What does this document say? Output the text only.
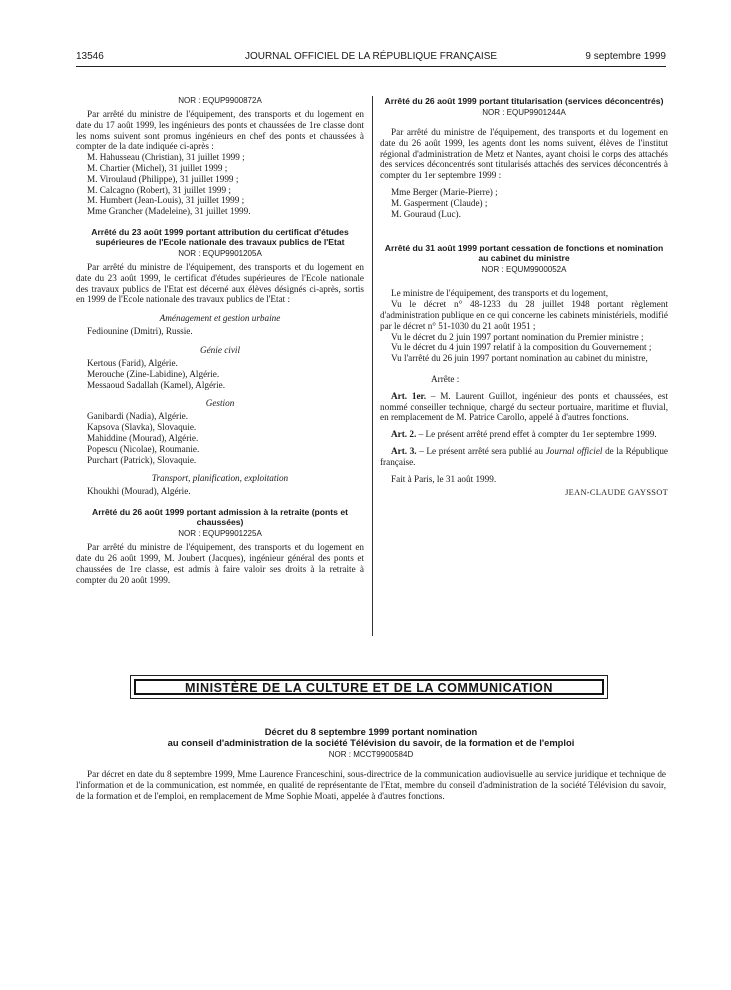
13546	JOURNAL OFFICIEL DE LA RÉPUBLIQUE FRANÇAISE	9 septembre 1999
NOR : EQUP9900872A

Par arrêté du ministre de l'équipement, des transports et du logement en date du 17 août 1999, les ingénieurs des ponts et chaussées de 1re classe dont les noms suivent sont promus ingénieurs en chef des ponts et chaussées à compter de la date indiquée ci-après :

M. Hahusseau (Christian), 31 juillet 1999 ;
M. Chartier (Michel), 31 juillet 1999 ;
M. Viroulaud (Philippe), 31 juillet 1999 ;
M. Calcagno (Robert), 31 juillet 1999 ;
M. Humbert (Jean-Louis), 31 juillet 1999 ;
Mme Grancher (Madeleine), 31 juillet 1999.
Arrêté du 23 août 1999 portant attribution du certificat d'études supérieures de l'Ecole nationale des travaux publics de l'Etat
NOR : EQUP9901205A

Par arrêté du ministre de l'équipement, des transports et du logement en date du 23 août 1999, le certificat d'études supérieures de l'Ecole nationale des travaux publics de l'Etat est décerné aux élèves désignés ci-après, sortis en 1999 de l'Ecole nationale des travaux publics de l'Etat :

Aménagement et gestion urbaine
Fediounine (Dmitri), Russie.
Génie civil
Kertous (Farid), Algérie.
Merouche (Zine-Labidine), Algérie.
Messaoud Sadallah (Kamel), Algérie.
Gestion
Ganibardi (Nadia), Algérie.
Kapsova (Slavka), Slovaquie.
Mahiddine (Mourad), Algérie.
Popescu (Nicolae), Roumanie.
Purchart (Patrick), Slovaquie.
Transport, planification, exploitation
Khoukhi (Mourad), Algérie.
Arrêté du 26 août 1999 portant admission à la retraite (ponts et chaussées)
NOR : EQUP9901225A

Par arrêté du ministre de l'équipement, des transports et du logement en date du 26 août 1999, M. Joubert (Jacques), ingénieur général des ponts et chaussées de 1re classe, est admis à faire valoir ses droits à la retraite à compter du 20 août 1999.

Arrêté du 26 août 1999 portant titularisation (services déconcentrés)
NOR : EQUP9901244A

Par arrêté du ministre de l'équipement, des transports et du logement en date du 26 août 1999, les agents dont les noms suivent, élèves de l'institut régional d'administration de Metz et Nantes, ayant choisi le corps des attachés des services déconcentrés sont titularisés attachés des services déconcentrés à compter du 1er septembre 1999 :

Mme Berger (Marie-Pierre) ;
M. Gasperment (Claude) ;
M. Gouraud (Luc).
Arrêté du 31 août 1999 portant cessation de fonctions et nomination au cabinet du ministre
NOR : EQUM9900052A

Le ministre de l'équipement, des transports et du logement,

Vu le décret n° 48-1233 du 28 juillet 1948 portant règlement d'administration publique en ce qui concerne les cabinets ministériels, modifié par le décret n° 51-1030 du 21 août 1951 ;

Vu le décret du 2 juin 1997 portant nomination du Premier ministre ;

Vu le décret du 4 juin 1997 relatif à la composition du Gouvernement ;

Vu l'arrêté du 26 juin 1997 portant nomination au cabinet du ministre,

Arrête :

Art. 1er. – M. Laurent Guillot, ingénieur des ponts et chaussées, est nommé conseiller technique, chargé du secteur portuaire, maritime et fluvial, en remplacement de M. Patrice Carollo, appelé à d'autres fonctions.

Art. 2. – Le présent arrêté prend effet à compter du 1er septembre 1999.

Art. 3. – Le présent arrêté sera publié au Journal officiel de la République française.

Fait à Paris, le 31 août 1999.

JEAN-CLAUDE GAYSSOT
MINISTÈRE DE LA CULTURE ET DE LA COMMUNICATION
Décret du 8 septembre 1999 portant nomination
au conseil d'administration de la société Télévision du savoir, de la formation et de l'emploi
NOR : MCCT9900584D

Par décret en date du 8 septembre 1999, Mme Laurence Franceschini, sous-directrice de la communication audiovisuelle au service juridique et technique de l'information et de la communication, est nommée, en qualité de représentante de l'Etat, membre du conseil d'administration de la société Télévision du savoir, de la formation et de l'emploi, en remplacement de Mme Sophie Moati, appelée à d'autres fonctions.
